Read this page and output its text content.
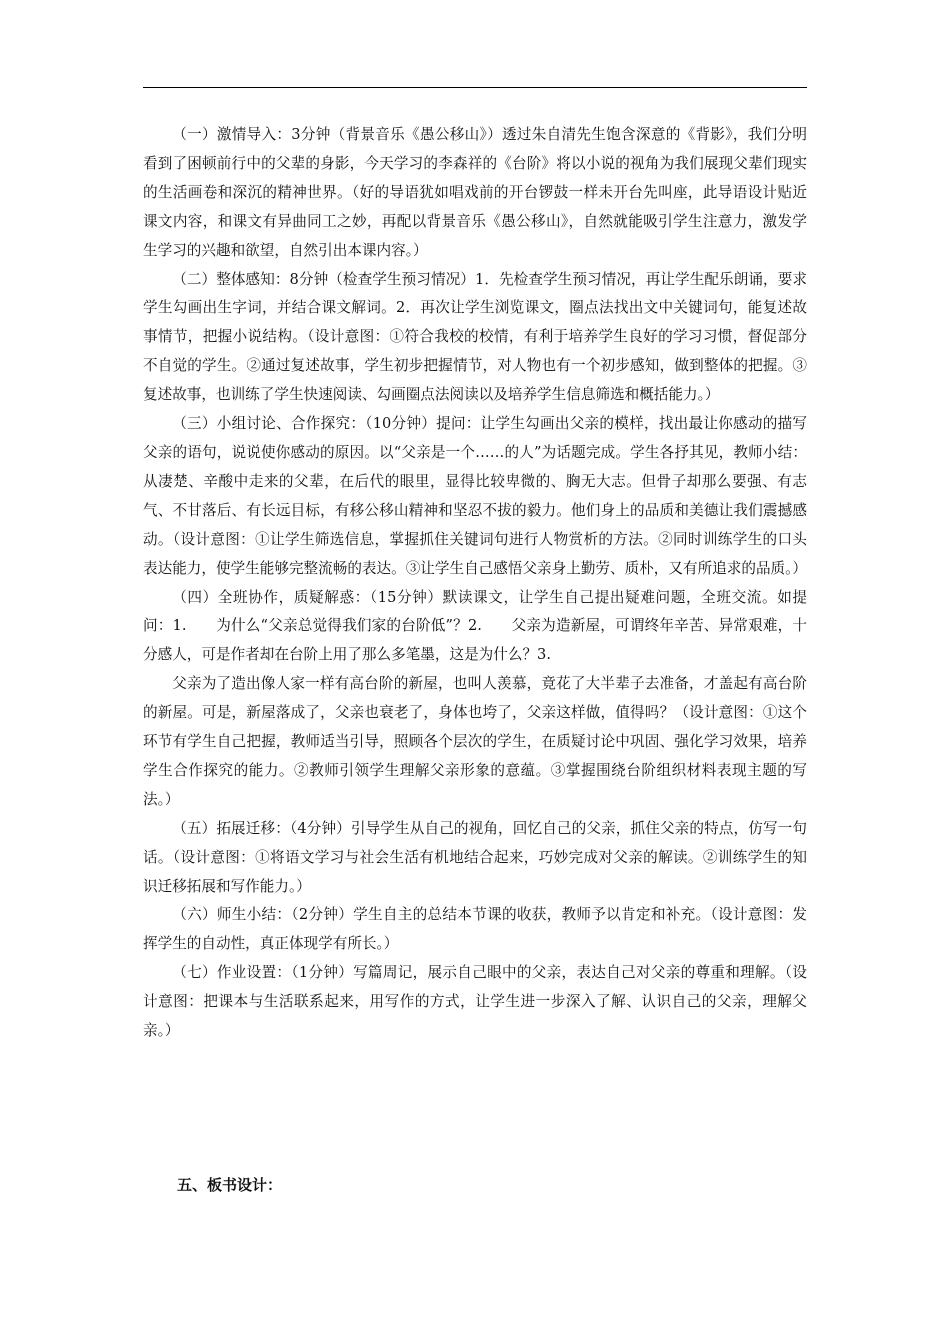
（一）激情导入：3分钟（背景音乐《愚公移山》）透过朱自清先生饱含深意的《背影》，我们分明看到了困顿前行中的父辈的身影，今天学习的李森祥的《台阶》将以小说的视角为我们展现父辈们现实的生活画卷和深沉的精神世界。（好的导语犹如唱戏前的开台锣鼓一样未开台先叫座，此导语设计贴近课文内容，和课文有异曲同工之妙，再配以背景音乐《愚公移山》，自然就能吸引学生注意力，激发学生学习的兴趣和欲望，自然引出本课内容。）

（二）整体感知：8分钟（检查学生预习情况）1．先检查学生预习情况，再让学生配乐朗诵，要求学生勾画出生字词，并结合课文解词。2．再次让学生浏览课文，圈点法找出文中关键词句，能复述故事情节，把握小说结构。（设计意图：①符合我校的校情，有利于培养学生良好的学习习惯，督促部分不自觉的学生。②通过复述故事，学生初步把握情节，对人物也有一个初步感知，做到整体的把握。③复述故事，也训练了学生快速阅读、勾画圈点法阅读以及培养学生信息筛选和概括能力。）

（三）小组讨论、合作探究：（10分钟）提问：让学生勾画出父亲的模样，找出最让你感动的描写父亲的语句，说说使你感动的原因。以“父亲是一个……的人”为话题完成。学生各抒其见，教师小结：从凄楚、辛酸中走来的父辈，在后代的眼里，显得比较卑微的、胸无大志。但骨子却那么要强、有志气、不甘落后、有长远目标，有移公移山精神和坚忍不拔的毅力。他们身上的品质和美德让我们震撼感动。（设计意图：①让学生筛选信息，掌握抓住关键词句进行人物赏析的方法。②同时训练学生的口头表达能力，使学生能够完整流畅的表达。③让学生自己感悟父亲身上勤劳、质朴，又有所追求的品质。）

（四）全班协作，质疑解惑：（15分钟）默读课文，让学生自己提出疑难问题，全班交流。如提问：1.　　为什么“父亲总觉得我们家的台阶低”？2.　　父亲为造新屋，可谓终年辛苦、异常艰难，十分感人，可是作者却在台阶上用了那么多笔墨，这是为什么？3.

父亲为了造出像人家一样有高台阶的新屋，也叫人羡慕，竟花了大半辈子去准备，才盖起有高台阶的新屋。可是，新屋落成了，父亲也衰老了，身体也垮了，父亲这样做，值得吗？（设计意图：①这个环节有学生自己把握，教师适当引导，照顾各个层次的学生，在质疑讨论中巩固、强化学习效果，培养学生合作探究的能力。②教师引领学生理解父亲形象的意蕴。③掌握围绕台阶组织材料表现主题的写法。）

（五）拓展迁移：（4分钟）引导学生从自己的视角，回忆自己的父亲，抓住父亲的特点，仿写一句话。（设计意图：①将语文学习与社会生活有机地结合起来，巧妙完成对父亲的解读。②训练学生的知识迁移拓展和写作能力。）

（六）师生小结：（2分钟）学生自主的总结本节课的收获，教师予以肯定和补充。（设计意图：发挥学生的自动性，真正体现学有所长。）

（七）作业设置：（1分钟）写篇周记，展示自己眼中的父亲，表达自己对父亲的尊重和理解。（设计意图：把课本与生活联系起来，用写作的方式，让学生进一步深入了解、认识自己的父亲，理解父亲。）

五、板书设计：
